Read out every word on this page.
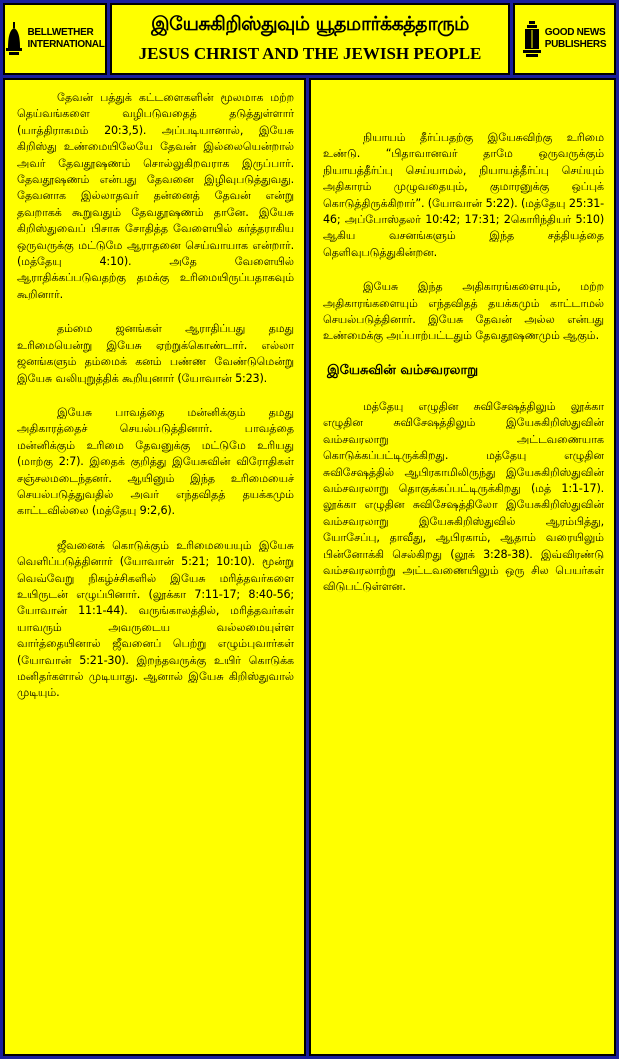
BELLWETHER
INTERNATIONAL
இயேசுகிறிஸ்துவும் யூதமார்க்கத்தாரும்
JESUS CHRIST AND THE JEWISH PEOPLE
GOOD NEWS
PUBLISHERS

தேவன் பத்துக் கட்டளைகளின் மூலமாக மற்ற தெய்வங்களை வழிபடுவதைத் தடுத்துள்ளார் (யாத்திராகமம் 20:3,5). அப்படியானால், இயேசு கிறிஸ்து உண்மையிலேயே தேவன் இல்லையென்றால் அவர் தேவதூஷணம் சொல்லுகிறவராக இருப்பார். தேவதூஷணம் என்பது தேவனை இழிவுபடுத்துவது. தேவனாக இல்லாதவர் தன்னைத் தேவன் என்று தவறாகக் கூறுவதும் தேவதூஷணம் தானே. இயேசு கிறிஸ்துவைப் பிசாசு சோதித்த வேளையில் கர்த்தராகிய ஒருவருக்கு மட்டுமே ஆராதனை செய்வாயாக என்றார். (மத்தேயு 4:10). அதே வேளையில் ஆராதிக்கப்படுவதற்கு தமக்கு உரிமையிருப்பதாகவும் கூறினார்.

தம்மை ஜனங்கள் ஆராதிப்பது தமது உரிமையென்று இயேசு ஏற்றுக்கொண்டார். எல்லா ஜனங்களும் தம்மைக் கனம் பண்ண வேண்டுமென்று இயேசு வலியுறுத்திக் கூறியுனார் (யோவான் 5:23).

இயேசு பாவத்தை மன்னிக்கும் தமது அதிகாரத்தைச் செயல்படுத்தினார். பாவத்தை மன்னிக்கும் உரிமை தேவனுக்கு மட்டுமே உரியது (மாற்கு 2:7). இதைக் குறித்து இயேசுவின் விரோதிகள் சஞ்சலமடைந்தனர். ஆயினும் இந்த உரிமையைச் செயல்படுத்துவதில் அவர் எந்தவிதத் தயக்கமும் காட்டவில்லை (மத்தேயு 9:2,6).

ஜீவனைக் கொடுக்கும் உரிமையையும் இயேசு வெளிப்படுத்தினார் (யோவான் 5:21; 10:10). மூன்று வெவ்வேறு நிகழ்ச்சிகளில் இயேசு மரித்தவர்களை உயிருடன் எழுப்பினார். (லூக்கா 7:11-17; 8:40-56; யோவான் 11:1-44). வருங்காலத்தில், மரித்தவர்கள் யாவரும் அவருடைய வல்லமையுள்ள வார்த்தையினால் ஜீவனைப் பெற்று எழும்புவார்கள் (யோவான் 5:21-30). இறந்தவருக்கு உயிர் கொடுக்க மனிதர்களால் முடியாது. ஆனால் இயேசு கிறிஸ்துவால் முடியும்.

நியாயம் தீர்ப்பதற்கு இயேசுவிற்கு உரிமை உண்டு. “பிதாவானவர் தாமே ஒருவருக்கும் நியாயத்தீர்ப்பு செய்யாமல், நியாயத்தீர்ப்பு செய்யும் அதிகாரம் முழுவதையும், குமாரனுக்கு ஒப்புக் கொடுத்திருக்கிறார்”. (யோவான் 5:22). (மத்தேயு 25:31-46; அப்போஸ்தலர் 10:42; 17:31; 2கொரிந்தியர் 5:10) ஆகிய வசனங்களும் இந்த சத்தியத்தை தெளிவுபடுத்துகின்றன.

இயேசு இந்த அதிகாரங்களையும், மற்ற அதிகாரங்களையும் எந்தவிதத் தயக்கமும் காட்டாமல் செயல்படுத்தினார். இயேசு தேவன் அல்ல என்பது உண்மைக்கு அப்பாற்பட்டதும் தேவதூஷணமும் ஆகும்.

இயேசுவின் வம்சவரலாறு

மத்தேயு எழுதின சுவிசேஷத்திலும் லூக்கா எழுதின சுவிசேஷத்திலும் இயேசுகிறிஸ்துவின் வம்சவரலாறு அட்டவணையாக கொடுக்கப்பட்டிருக்கிறது. மத்தேயு எழுதின சுவிசேஷத்தில் ஆபிரகாமிலிருந்து இயேசுகிறிஸ்துவின் வம்சவரலாறு தொகுக்கப்பட்டிருக்கிறது (மத் 1:1-17). லூக்கா எழுதின சுவிசேஷத்திலோ இயேசுகிறிஸ்துவின் வம்சவரலாறு இயேசுகிறிஸ்துவில் ஆரம்பித்து, யோசேப்பு, தாவீது, ஆபிரகாம், ஆதாம் வரையிலும் பின்னோக்கி செல்கிறது (லூக் 3:28-38). இவ்விரண்டு வம்சவரலாற்று அட்டவணையிலும் ஒரு சில பெயர்கள் விடுபட்டுள்ளன.
